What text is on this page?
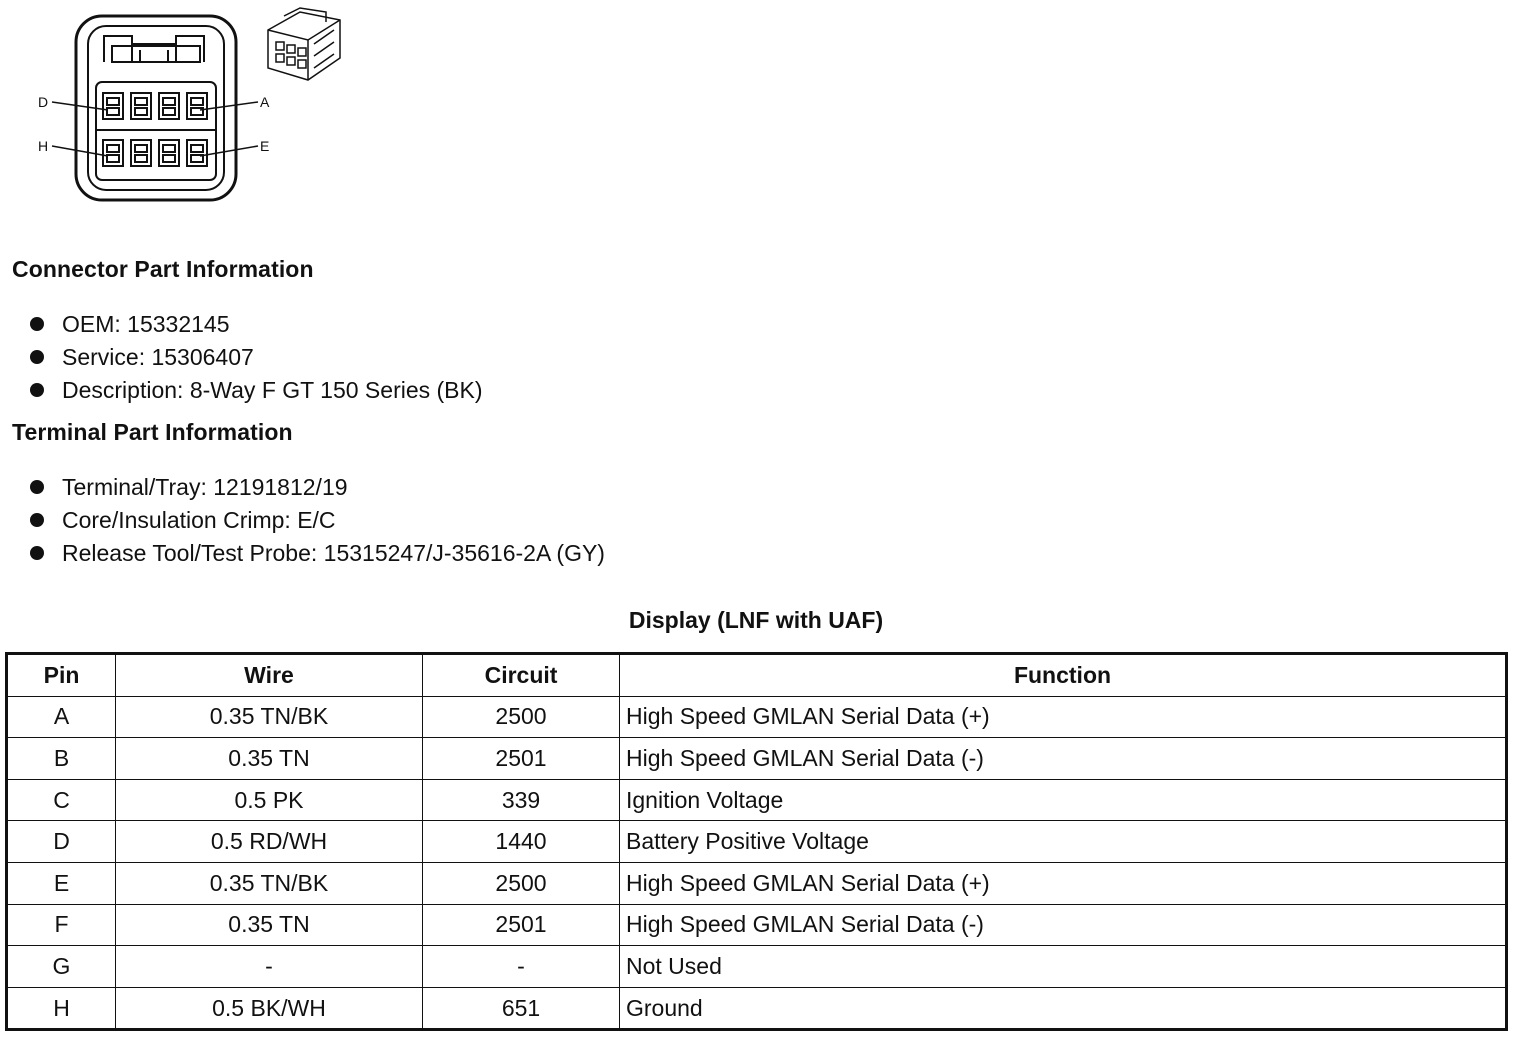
D	A
H	E
Connector Part Information
OEM: 15332145
Service: 15306407
Description: 8-Way F GT 150 Series (BK)
Terminal Part Information
Terminal/Tray: 12191812/19
Core/Insulation Crimp: E/C
Release Tool/Test Probe: 15315247/J-35616-2A (GY)
Display (LNF with UAF)
Pin	Wire	Circuit	Function
A	0.35 TN/BK	2500	High Speed GMLAN Serial Data (+)
B	0.35 TN	2501	High Speed GMLAN Serial Data (-)
C	0.5 PK	339	Ignition Voltage
D	0.5 RD/WH	1440	Battery Positive Voltage
E	0.35 TN/BK	2500	High Speed GMLAN Serial Data (+)
F	0.35 TN	2501	High Speed GMLAN Serial Data (-)
G	-	-	Not Used
H	0.5 BK/WH	651	Ground
